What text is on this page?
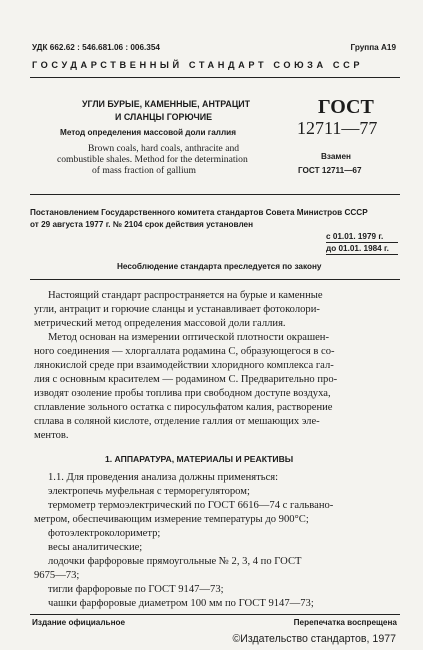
УДК 662.62 : 546.681.06 : 006.354	Группа А19
ГОСУДАРСТВЕННЫЙ СТАНДАРТ СОЮЗА ССР
УГЛИ БУРЫЕ, КАМЕННЫЕ, АНТРАЦИТ
И СЛАНЦЫ ГОРЮЧИЕ
Метод определения массовой доли галлия
Brown coals, hard coals, anthracite and
combustible shales. Method for the determination
of mass fraction of gallium
ГОСТ
12711—77
Взамен
ГОСТ 12711—67
Постановлением Государственного комитета стандартов Совета Министров СССР
от 29 августа 1977 г. № 2104 срок действия установлен
с 01.01. 1979 г.
до 01.01. 1984 г.
Несоблюдение стандарта преследуется по закону
Настоящий стандарт распространяется на бурые и каменные
угли, антрацит и горючие сланцы и устанавливает фотоколори-
метрический метод определения массовой доли галлия.
Метод основан на измерении оптической плотности окрашен-
ного соединения — хлоргаллата родамина С, образующегося в со-
лянокислой среде при взаимодействии хлоридного комплекса гал-
лия с основным красителем — родамином С. Предварительно про-
изводят озоление пробы топлива при свободном доступе воздуха,
сплавление зольного остатка с пиросульфатом калия, растворение
сплава в соляной кислоте, отделение галлия от мешающих эле-
ментов.
1. АППАРАТУРА, МАТЕРИАЛЫ И РЕАКТИВЫ
1.1. Для проведения анализа должны применяться:
электропечь муфельная с терморегулятором;
термометр термоэлектрический по ГОСТ 6616—74 с гальвано-
метром, обеспечивающим измерение температуры до 900°С;
фотоэлектроколориметр;
весы аналитические;
лодочки фарфоровые прямоугольные № 2, 3, 4 по ГОСТ
9675—73;
тигли фарфоровые по ГОСТ 9147—73;
чашки фарфоровые диаметром 100 мм по ГОСТ 9147—73;
Издание официальное	Перепечатка воспрещена
©Издательство стандартов, 1977
